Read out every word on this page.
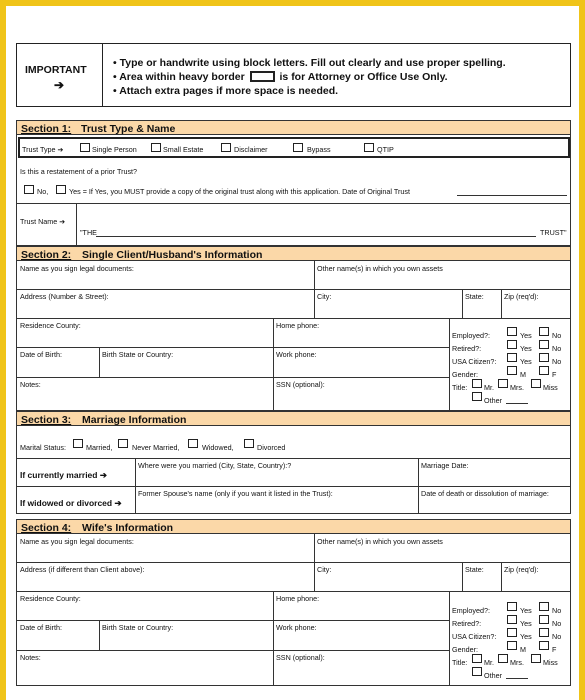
IMPORTANT
➔
• Type or handwrite using block letters. Fill out clearly and use proper spelling.
• Area within heavy border	is for Attorney or Office Use Only.
• Attach extra pages if more space is needed.
Section 1: Trust Type & Name
Trust Type ➔	Single Person	Small Estate	Disclaimer	Bypass	QTIP
Is this a restatement of a prior Trust?
No,	Yes = If Yes, you MUST provide a copy of the original trust along with this application. Date of Original Trust
Trust Name ➔
"THE	TRUST"
Section 2: Single Client/Husband's Information
Name as you sign legal documents:	Other name(s) in which you own assets
Address (Number & Street):	City:	State:	Zip (req'd):
Residence County:	Home phone:
Date of Birth:	Birth State or Country:	Work phone:
Notes:	SSN (optional):
Employed?:	Yes	No
Retired?:	Yes	No
USA Citizen?:	Yes	No
Gender:	M	F
Title: Mr. Mrs.	Miss
Other
Section 3: Marriage Information
Marital Status:	Married,	Never Married,	Widowed,	Divorced
If currently married ➔
Where were you married (City, State, Country):?	Marriage Date:
If widowed or divorced ➔
Former Spouse's name (only if you want it listed in the Trust):	Date of death or dissolution of marriage:
Section 4: Wife's Information
Name as you sign legal documents:	Other name(s) in which you own assets
Address (if different than Client above):	City:	State:	Zip (req'd):
Residence County:	Home phone:
Date of Birth:	Birth State or Country:	Work phone:
Notes:	SSN (optional):
Employed?:	Yes	No
Retired?:	Yes	No
USA Citizen?:	Yes	No
Gender:	M	F
Title: Mr. Mrs.	Miss
Other
